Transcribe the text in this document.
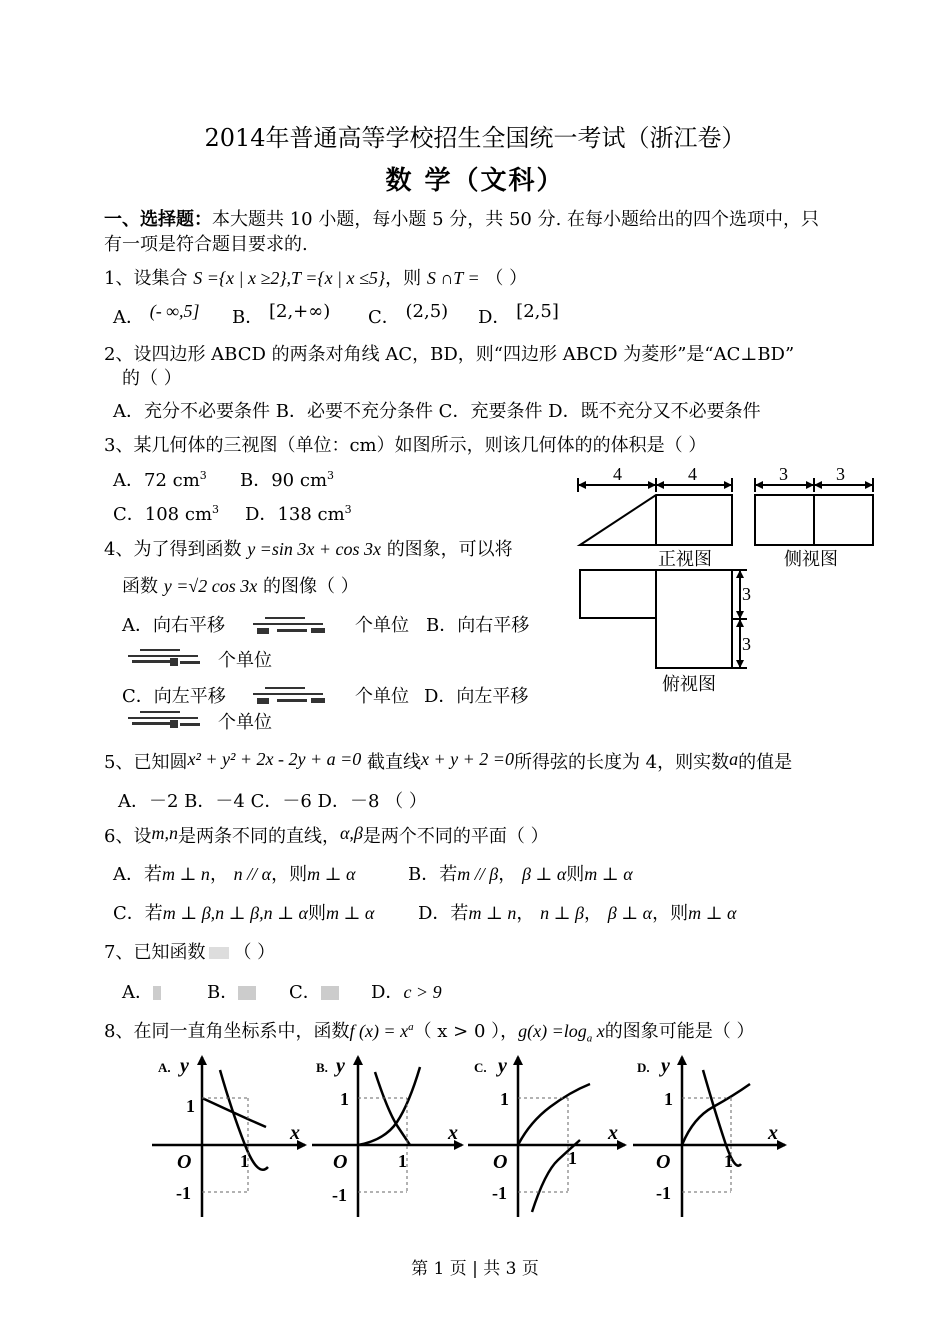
2014年普通高等学校招生全国统一考试（浙江卷）
数 学（文科）
一、选择题：本大题共 10 小题，每小题 5 分，共 50 分. 在每小题给出的四个选项中，只
有一项是符合题目要求的.
1、设集合 S ={x | x ≥2},T ={x | x ≤5}，则 S ∩T = （ ）
A． (- ∞,5] B． [2,+∞) C． (2,5) D． [2,5]
2、设四边形 ABCD 的两条对角线 AC，BD，则“四边形 ABCD 为菱形”是“AC⊥BD”
的（ ）
A．充分不必要条件 B．必要不充分条件 C．充要条件 D．既不充分又不必要条件
3、某几何体的三视图（单位：cm）如图所示，则该几何体的的体积是（ ）
A．72 $cm^3$ B．90 $cm^3$
C．108 $cm^3$ D．138 $cm^3$
4	4	3	3
3
3
正视图	侧视图
俯视图
4、为了得到函数 y =sin 3x + cos 3x 的图象，可以将
函数 y =√2 cos 3x 的图像（ ）
A．向右平移	个单位 B．向右平移
个单位
C．向左平移	个单位 D．向左平移
个单位
5、已知圆x² + y² + 2x - 2y + a =0 截直线x + y + 2 =0所得弦的长度为 4，则实数a的值是
A．－2 B．－4 C．－6 D．－8 （ ）
6、设m,n是两条不同的直线，α,β是两个不同的平面（ ）
A．若m ⊥ n， n // α，则m ⊥ α	B．若m // β， β ⊥ α则m ⊥ α
C．若m ⊥ β,n ⊥ β,n ⊥ α则m ⊥ α D．若m ⊥ n， n ⊥ β， β ⊥ α，则m ⊥ α
7、已知函数 （ ）
A．	B．	C．	D．c > 9
8、在同一直角坐标系中，函数f $(x) = x^a$（ x > 0 ），$g(x) =\log_a$ x的图象可能是（ ）
A. y
x
O
1
1
-1
B. y
x
O
1
1
-1
C. y
x
O
1
1
-1
D. y
x
O
1
1
-1
第 1 页 | 共 3 页
